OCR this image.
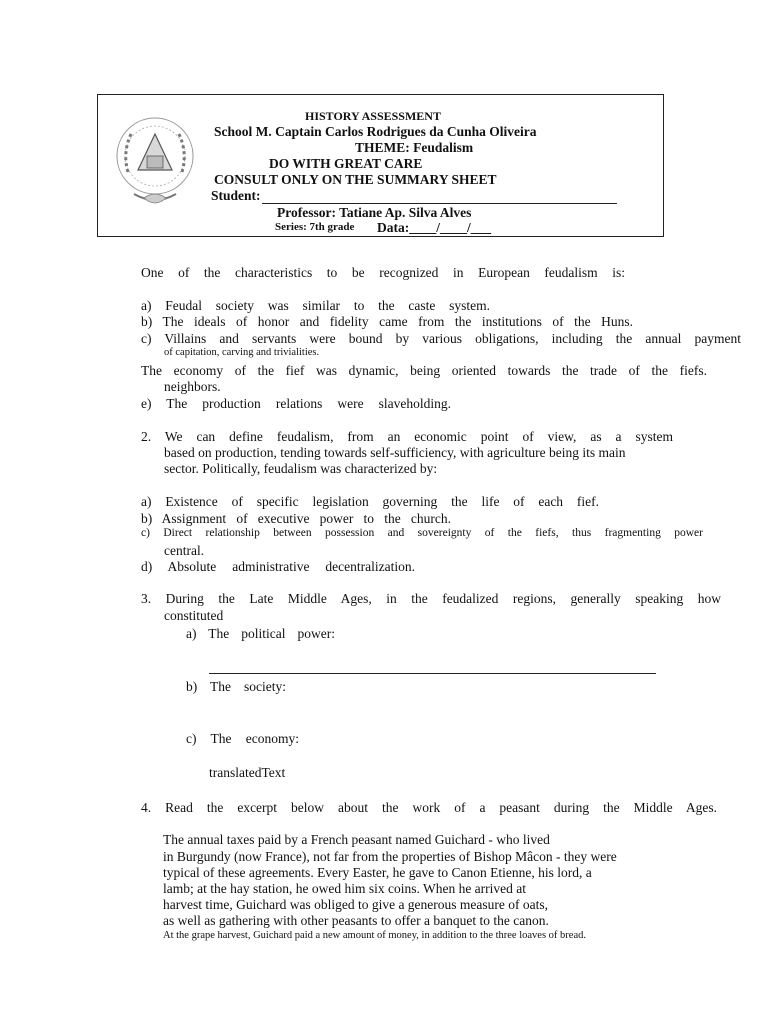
HISTORY ASSESSMENT
School M. Captain Carlos Rodrigues da Cunha Oliveira
THEME: Feudalism
DO WITH GREAT CARE
CONSULT ONLY ON THE SUMMARY SHEET
Student:
Professor: Tatiane Ap. Silva Alves
Series: 7th grade Data:____/____/___
One of the characteristics to be recognized in European feudalism is:
a) Feudal society was similar to the caste system.
b) The ideals of honor and fidelity came from the institutions of the Huns.
c) Villains and servants were bound by various obligations, including the annual payment
of capitation, carving and trivialities.
The economy of the fief was dynamic, being oriented towards the trade of the fiefs.
neighbors.
e) The production relations were slaveholding.
2. We can define feudalism, from an economic point of view, as a system
based on production, tending towards self-sufficiency, with agriculture being its main
sector. Politically, feudalism was characterized by:
a) Existence of specific legislation governing the life of each fief.
b) Assignment of executive power to the church.
c) Direct relationship between possession and sovereignty of the fiefs, thus fragmenting power
central.
d) Absolute administrative decentralization.
3. During the Late Middle Ages, in the feudalized regions, generally speaking how
constituted
a) The political power:
b) The society:
c) The economy:
translatedText
4. Read the excerpt below about the work of a peasant during the Middle Ages.
The annual taxes paid by a French peasant named Guichard - who lived
in Burgundy (now France), not far from the properties of Bishop Mâcon - they were
typical of these agreements. Every Easter, he gave to Canon Etienne, his lord, a
lamb; at the hay station, he owed him six coins. When he arrived at
harvest time, Guichard was obliged to give a generous measure of oats,
as well as gathering with other peasants to offer a banquet to the canon.
At the grape harvest, Guichard paid a new amount of money, in addition to the three loaves of bread.
